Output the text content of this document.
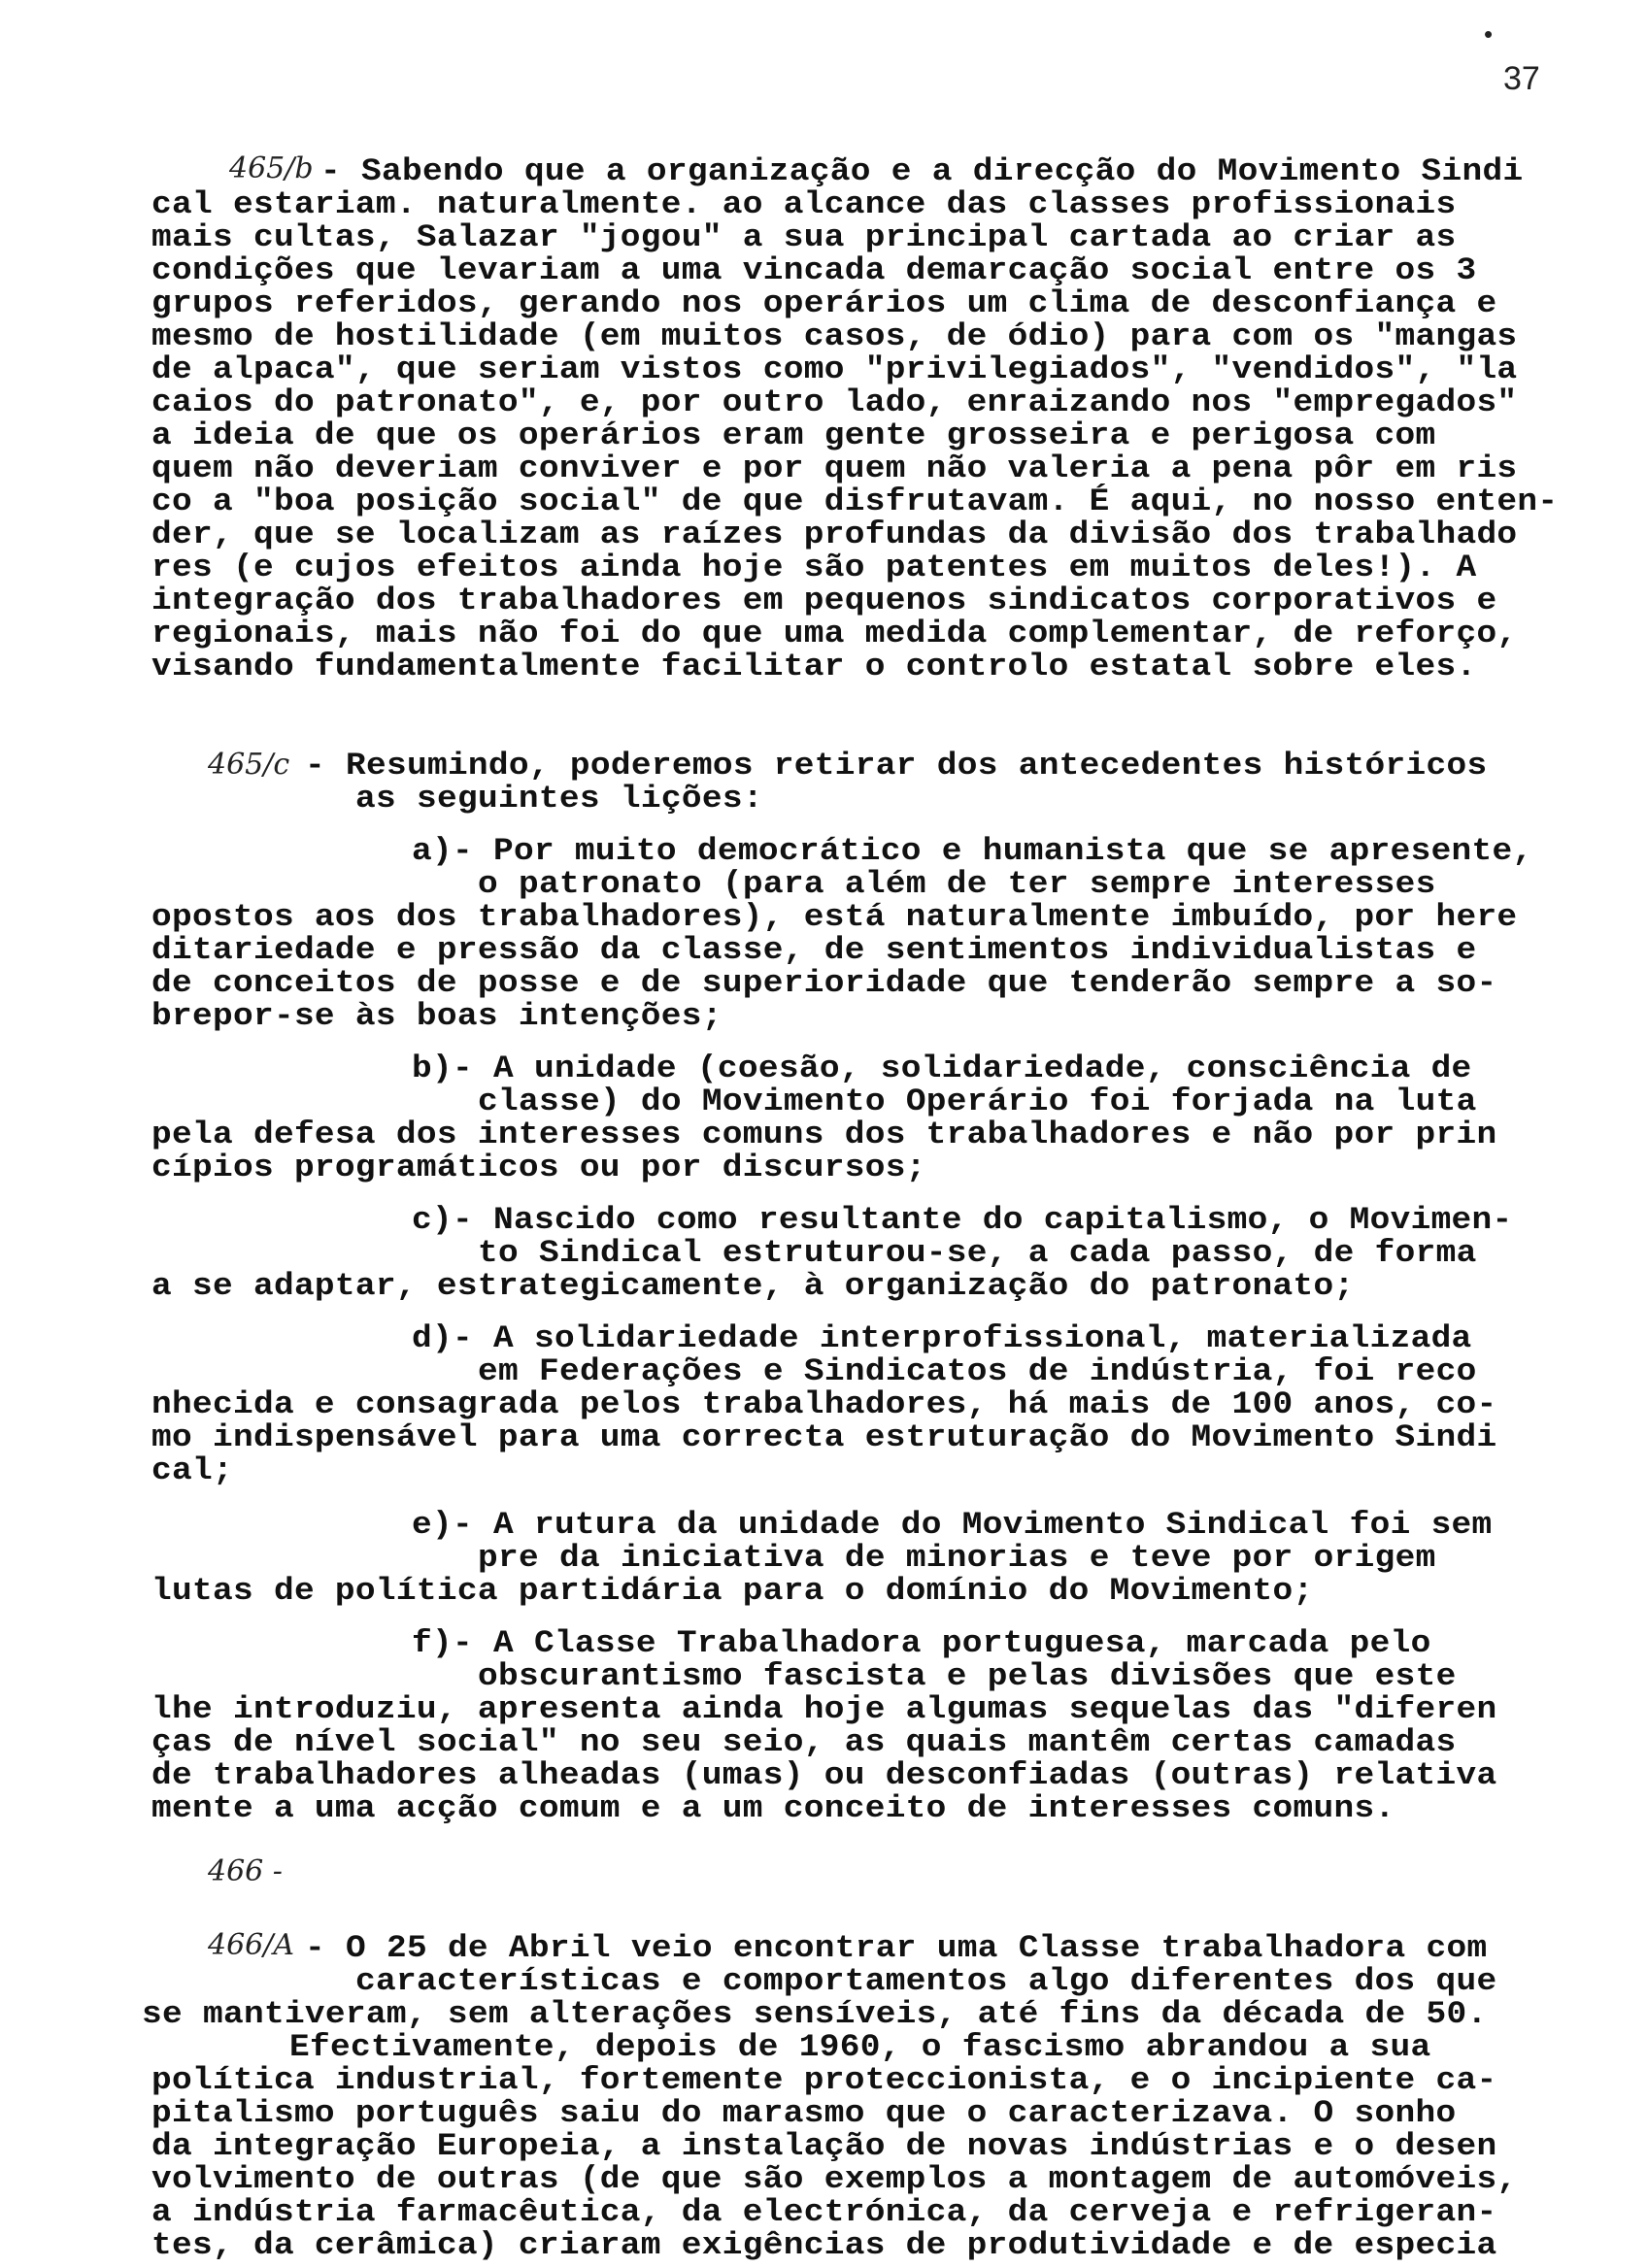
•
37
465/b - Sabendo que a organização e a direcção do Movimento Sindi
cal estariam. naturalmente. ao alcance das classes profissionais
mais cultas, Salazar "jogou" a sua principal cartada ao criar as
condições que levariam a uma vincada demarcação social entre os 3
grupos referidos, gerando nos operários um clima de desconfiança e
mesmo de hostilidade (em muitos casos, de ódio) para com os "mangas
de alpaca", que seriam vistos como "privilegiados", "vendidos", "la
caios do patronato", e, por outro lado, enraizando nos "empregados"
a ideia de que os operários eram gente grosseira e perigosa com
quem não deveriam conviver e por quem não valeria a pena pôr em ris
co a "boa posição social" de que disfrutavam. É aqui, no nosso enten-
der, que se localizam as raízes profundas da divisão dos trabalhado
res (e cujos efeitos ainda hoje são patentes em muitos deles!). A
integração dos trabalhadores em pequenos sindicatos corporativos e
regionais, mais não foi do que uma medida complementar, de reforço,
visando fundamentalmente facilitar o controlo estatal sobre eles.
465/c - Resumindo, poderemos retirar dos antecedentes históricos
as seguintes lições:
a)- Por muito democrático e humanista que se apresente,
o patronato (para além de ter sempre interesses
opostos aos dos trabalhadores), está naturalmente imbuído, por here
ditariedade e pressão da classe, de sentimentos individualistas e
de conceitos de posse e de superioridade que tenderão sempre a so-
brepor-se às boas intenções;
b)- A unidade (coesão, solidariedade, consciência de
classe) do Movimento Operário foi forjada na luta
pela defesa dos interesses comuns dos trabalhadores e não por prin
cípios programáticos ou por discursos;
c)- Nascido como resultante do capitalismo, o Movimen-
to Sindical estruturou-se, a cada passo, de forma
a se adaptar, estrategicamente, à organização do patronato;
d)- A solidariedade interprofissional, materializada
em Federações e Sindicatos de indústria, foi reco
nhecida e consagrada pelos trabalhadores, há mais de 100 anos, co-
mo indispensável para uma correcta estruturação do Movimento Sindi
cal;
e)- A rutura da unidade do Movimento Sindical foi sem
pre da iniciativa de minorias e teve por origem
lutas de política partidária para o domínio do Movimento;
f)- A Classe Trabalhadora portuguesa, marcada pelo
obscurantismo fascista e pelas divisões que este
lhe introduziu, apresenta ainda hoje algumas sequelas das "diferen
ças de nível social" no seu seio, as quais mantêm certas camadas
de trabalhadores alheadas (umas) ou desconfiadas (outras) relativa
mente a uma acção comum e a um conceito de interesses comuns.
466 -
466/A - O 25 de Abril veio encontrar uma Classe trabalhadora com
características e comportamentos algo diferentes dos que
se mantiveram, sem alterações sensíveis, até fins da década de 50.
Efectivamente, depois de 1960, o fascismo abrandou a sua
política industrial, fortemente proteccionista, e o incipiente ca-
pitalismo português saiu do marasmo que o caracterizava. O sonho
da integração Europeia, a instalação de novas indústrias e o desen
volvimento de outras (de que são exemplos a montagem de automóveis,
a indústria farmacêutica, da electrónica, da cerveja e refrigeran-
tes, da cerâmica) criaram exigências de produtividade e de especia
